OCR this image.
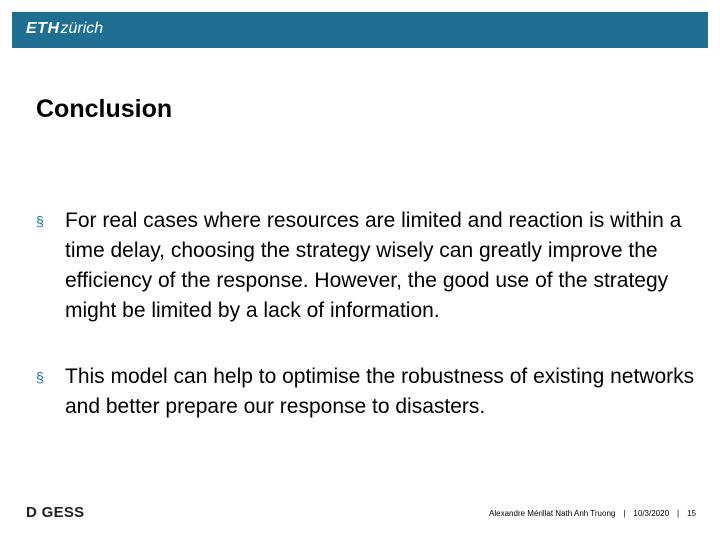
ETHzürich
Conclusion
§ For real cases where resources are limited and reaction is within a time delay, choosing the strategy wisely can greatly improve the efficiency of the response. However, the good use of the strategy might be limited by a lack of information.
§ This model can help to optimise the robustness of existing networks and better prepare our response to disasters.
D GESS	Alexandre Mérillat Nath Anh Truong | 10/3/2020 | 15
